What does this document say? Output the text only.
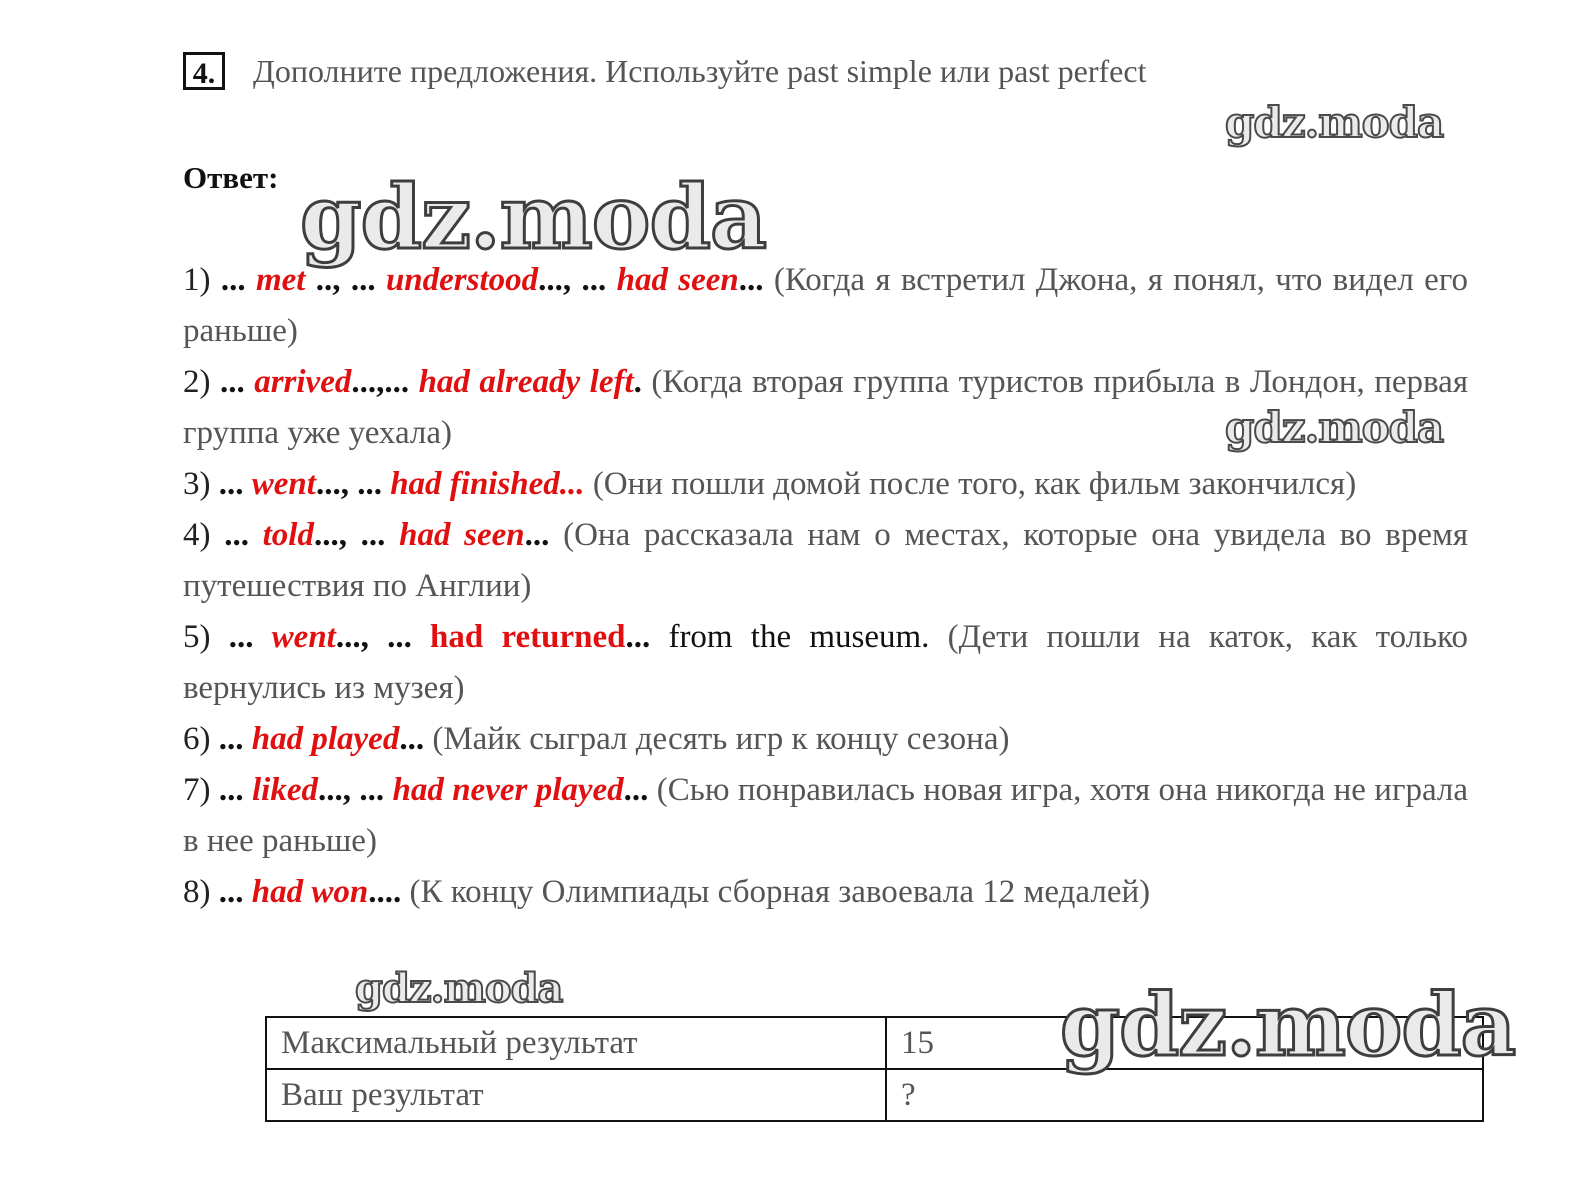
4.	Дополните предложения. Используйте past simple или past perfect
Ответ:
gdz.moda
gdz.moda
gdz.moda
gdz.moda

1) ... met .., ... understood..., ... had seen... (Когда я встретил Джона, я понял, что видел его раньше)

2) ... arrived...,... had already left. (Когда вторая группа туристов прибыла в Лондон, первая группа уже уехала)

3) ... went..., ... had finished... (Они пошли домой после того, как фильм закончился)

4) ... told..., ... had seen... (Она рассказала нам о местах, которые она увидела во время путешествия по Англии)

5) ... went..., ... had returned... from the museum. (Дети пошли на каток, как только вернулись из музея)

6) ... had played... (Майк сыграл десять игр к концу сезона)

7) ... liked..., ... had never played... (Сью понравилась новая игра, хотя она никогда не играла в нее раньше)

8) ... had won.... (К концу Олимпиады сборная завоевала 12 медалей)

Максимальный результат	15
Ваш результат	?
gdz.moda
